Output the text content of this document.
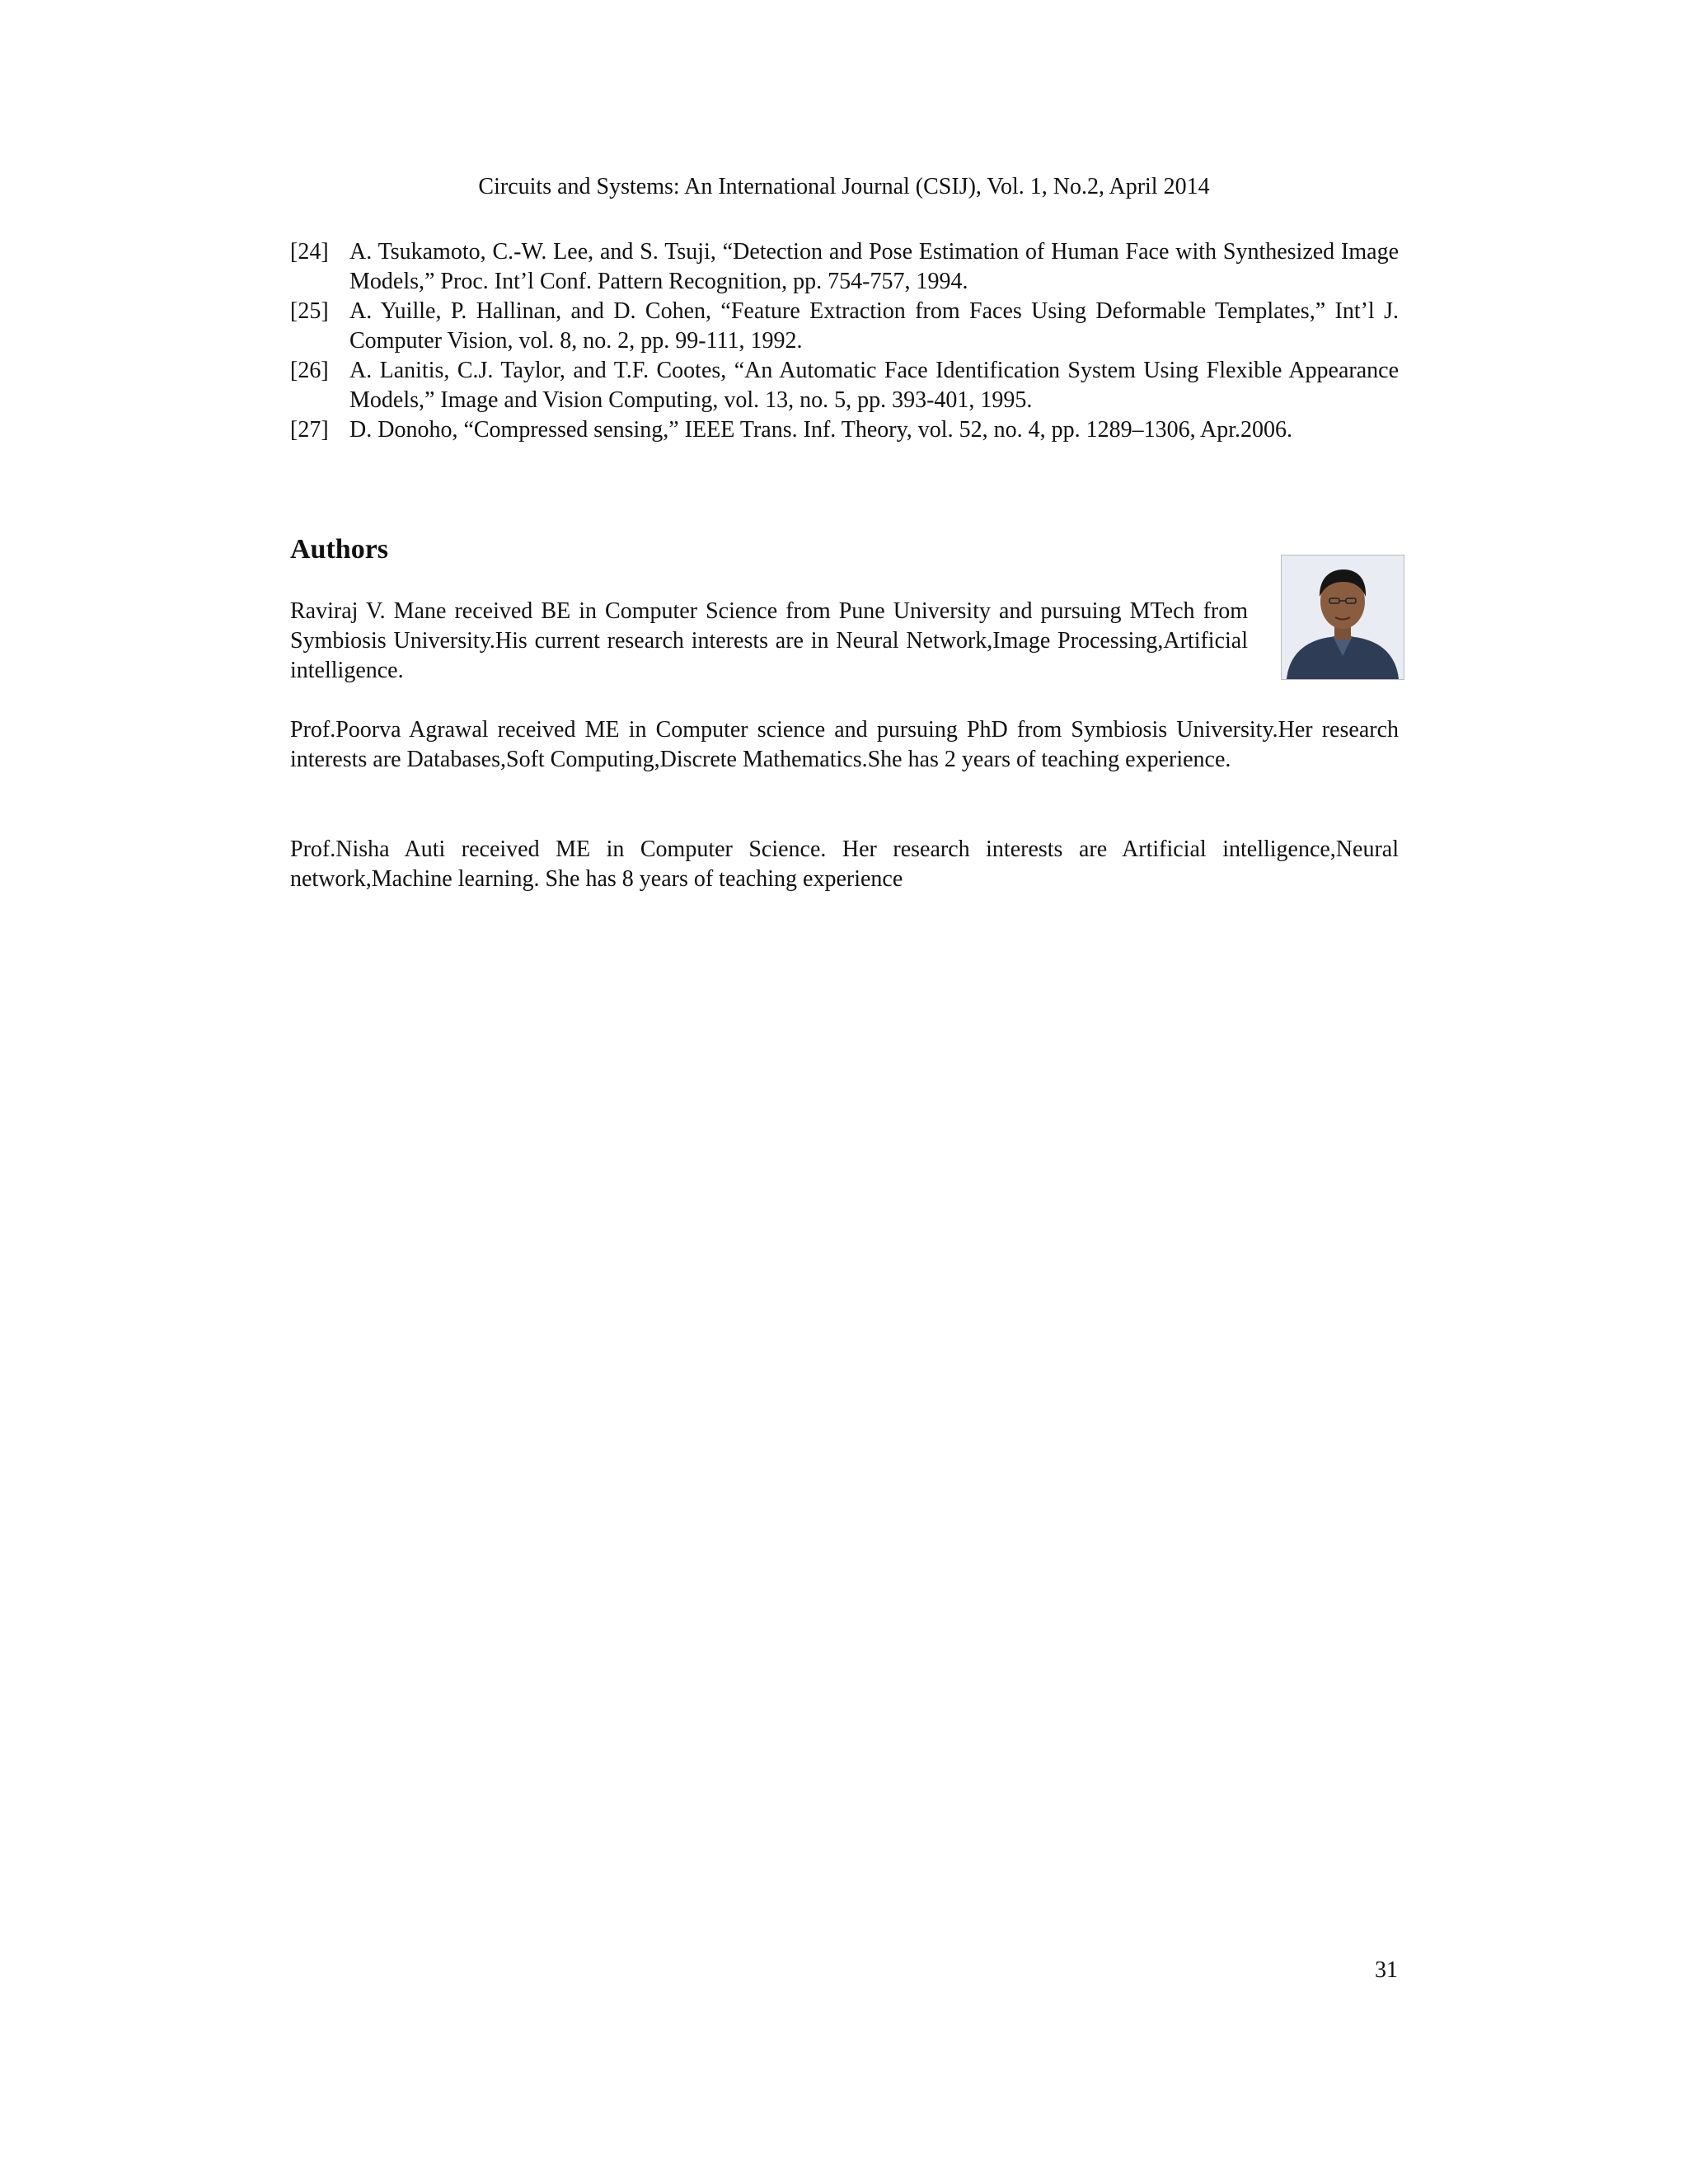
Circuits and Systems: An International Journal (CSIJ), Vol. 1, No.2, April 2014
[24] A. Tsukamoto, C.-W. Lee, and S. Tsuji, “Detection and Pose Estimation of Human Face with Synthesized Image Models,” Proc. Int’l Conf. Pattern Recognition, pp. 754-757, 1994.
[25] A. Yuille, P. Hallinan, and D. Cohen, “Feature Extraction from Faces Using Deformable Templates,” Int’l J. Computer Vision, vol. 8, no. 2, pp. 99-111, 1992.
[26] A. Lanitis, C.J. Taylor, and T.F. Cootes, “An Automatic Face Identification System Using Flexible Appearance Models,” Image and Vision Computing, vol. 13, no. 5, pp. 393-401, 1995.
[27] D. Donoho, “Compressed sensing,” IEEE Trans. Inf. Theory, vol. 52, no. 4, pp. 1289–1306, Apr.2006.
Authors
Raviraj V. Mane received BE in Computer Science from Pune University and pursuing MTech from Symbiosis University.His current research interests are in Neural Network,Image Processing,Artificial intelligence.
Prof.Poorva Agrawal received ME in Computer science and pursuing PhD from Symbiosis University.Her research interests are Databases,Soft Computing,Discrete Mathematics.She has 2 years of teaching experience.
Prof.Nisha Auti received ME in Computer Science. Her research interests are Artificial intelligence,Neural network,Machine learning. She has 8 years of teaching experience
31
